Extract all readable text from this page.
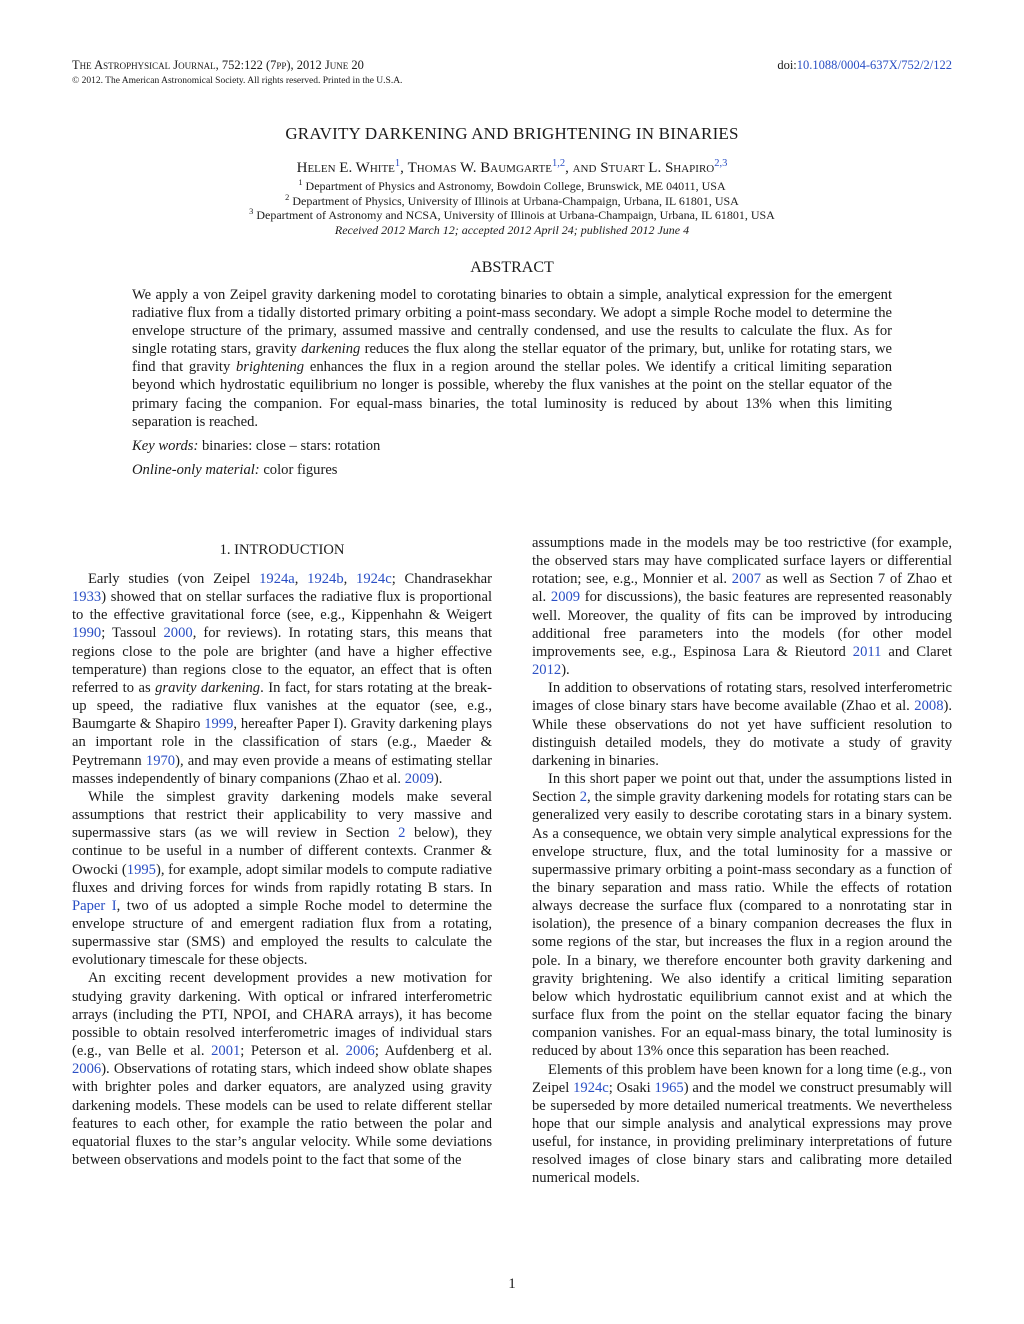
The Astrophysical Journal, 752:122 (7pp), 2012 June 20
© 2012. The American Astronomical Society. All rights reserved. Printed in the U.S.A.
doi:10.1088/0004-637X/752/2/122
GRAVITY DARKENING AND BRIGHTENING IN BINARIES
Helen E. White$^1$, Thomas W. Baumgarte$^{1,2}$, and Stuart L. Shapiro$^{2,3}$
$^1$ Department of Physics and Astronomy, Bowdoin College, Brunswick, ME 04011, USA
$^2$ Department of Physics, University of Illinois at Urbana-Champaign, Urbana, IL 61801, USA
$^3$ Department of Astronomy and NCSA, University of Illinois at Urbana-Champaign, Urbana, IL 61801, USA
Received 2012 March 12; accepted 2012 April 24; published 2012 June 4
ABSTRACT
We apply a von Zeipel gravity darkening model to corotating binaries to obtain a simple, analytical expression for the emergent radiative flux from a tidally distorted primary orbiting a point-mass secondary. We adopt a simple Roche model to determine the envelope structure of the primary, assumed massive and centrally condensed, and use the results to calculate the flux. As for single rotating stars, gravity darkening reduces the flux along the stellar equator of the primary, but, unlike for rotating stars, we find that gravity brightening enhances the flux in a region around the stellar poles. We identify a critical limiting separation beyond which hydrostatic equilibrium no longer is possible, whereby the flux vanishes at the point on the stellar equator of the primary facing the companion. For equal-mass binaries, the total luminosity is reduced by about 13% when this limiting separation is reached.
Key words: binaries: close – stars: rotation
Online-only material: color figures
1. INTRODUCTION

Early studies (von Zeipel 1924a, 1924b, 1924c; Chandrasekhar 1933) showed that on stellar surfaces the radiative flux is proportional to the effective gravitational force (see, e.g., Kippenhahn & Weigert 1990; Tassoul 2000, for reviews). In rotating stars, this means that regions close to the pole are brighter (and have a higher effective temperature) than regions close to the equator, an effect that is often referred to as gravity darkening. In fact, for stars rotating at the break-up speed, the radiative flux vanishes at the equator (see, e.g., Baumgarte & Shapiro 1999, hereafter Paper I). Gravity darkening plays an important role in the classification of stars (e.g., Maeder & Peytremann 1970), and may even provide a means of estimating stellar masses independently of binary companions (Zhao et al. 2009).

While the simplest gravity darkening models make several assumptions that restrict their applicability to very massive and supermassive stars (as we will review in Section 2 below), they continue to be useful in a number of different contexts. Cranmer & Owocki (1995), for example, adopt similar models to compute radiative fluxes and driving forces for winds from rapidly rotating B stars. In Paper I, two of us adopted a simple Roche model to determine the envelope structure of and emergent radiation flux from a rotating, supermassive star (SMS) and employed the results to calculate the evolutionary timescale for these objects.

An exciting recent development provides a new motivation for studying gravity darkening. With optical or infrared interferometric arrays (including the PTI, NPOI, and CHARA arrays), it has become possible to obtain resolved interferometric images of individual stars (e.g., van Belle et al. 2001; Peterson et al. 2006; Aufdenberg et al. 2006). Observations of rotating stars, which indeed show oblate shapes with brighter poles and darker equators, are analyzed using gravity darkening models. These models can be used to relate different stellar features to each other, for example the ratio between the polar and equatorial fluxes to the star’s angular velocity. While some deviations between observations and models point to the fact that some of the

assumptions made in the models may be too restrictive (for example, the observed stars may have complicated surface layers or differential rotation; see, e.g., Monnier et al. 2007 as well as Section 7 of Zhao et al. 2009 for discussions), the basic features are represented reasonably well. Moreover, the quality of fits can be improved by introducing additional free parameters into the models (for other model improvements see, e.g., Espinosa Lara & Rieutord 2011 and Claret 2012).

In addition to observations of rotating stars, resolved interferometric images of close binary stars have become available (Zhao et al. 2008). While these observations do not yet have sufficient resolution to distinguish detailed models, they do motivate a study of gravity darkening in binaries.

In this short paper we point out that, under the assumptions listed in Section 2, the simple gravity darkening models for rotating stars can be generalized very easily to describe corotating stars in a binary system. As a consequence, we obtain very simple analytical expressions for the envelope structure, flux, and the total luminosity for a massive or supermassive primary orbiting a point-mass secondary as a function of the binary separation and mass ratio. While the effects of rotation always decrease the surface flux (compared to a nonrotating star in isolation), the presence of a binary companion decreases the flux in some regions of the star, but increases the flux in a region around the pole. In a binary, we therefore encounter both gravity darkening and gravity brightening. We also identify a critical limiting separation below which hydrostatic equilibrium cannot exist and at which the surface flux from the point on the stellar equator facing the binary companion vanishes. For an equal-mass binary, the total luminosity is reduced by about 13% once this separation has been reached.

Elements of this problem have been known for a long time (e.g., von Zeipel 1924c; Osaki 1965) and the model we construct presumably will be superseded by more detailed numerical treatments. We nevertheless hope that our simple analysis and analytical expressions may prove useful, for instance, in providing preliminary interpretations of future resolved images of close binary stars and calibrating more detailed numerical models.

1
